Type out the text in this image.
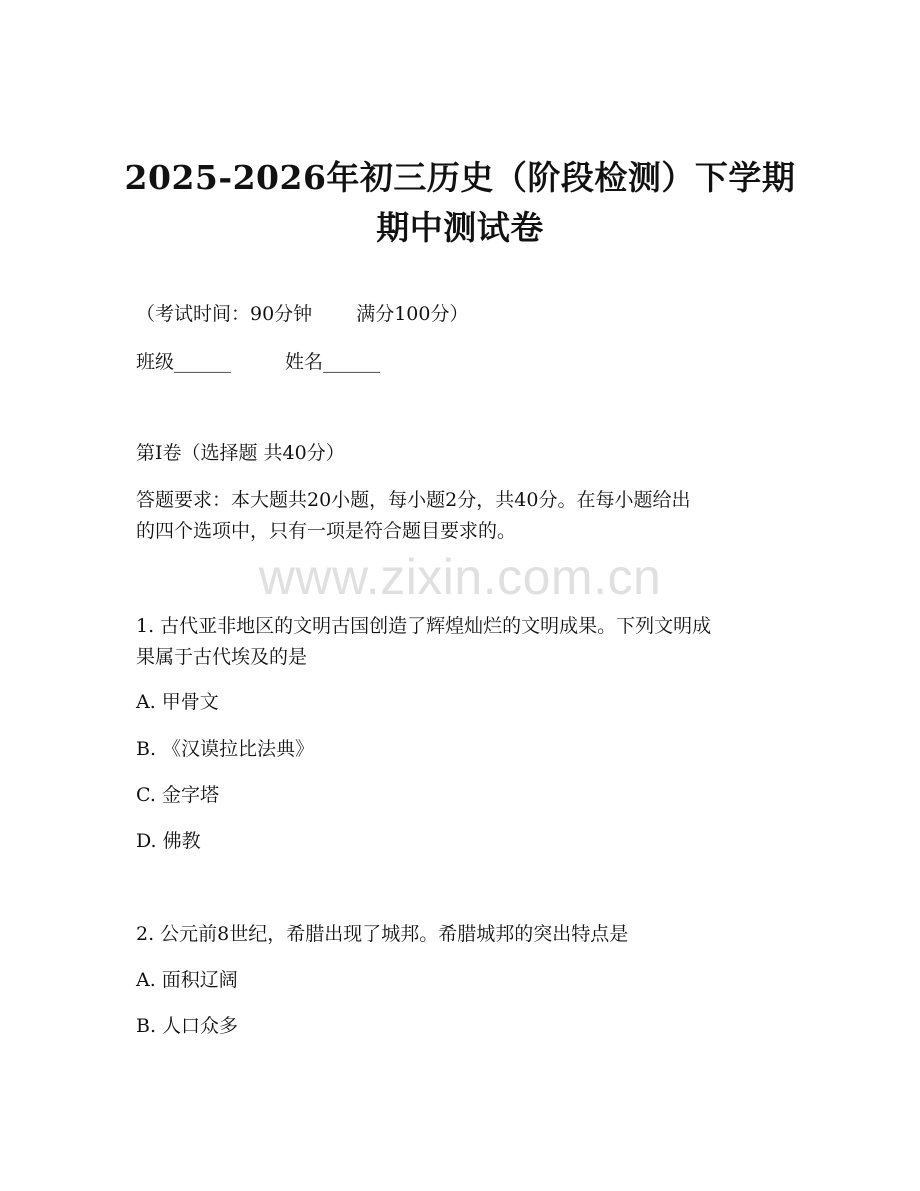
2025-2026年初三历史（阶段检测）下学期
期中测试卷
（考试时间：90分钟 满分100分）
班级______	姓名______
第Ⅰ卷（选择题 共40分）
答题要求：本大题共20小题，每小题2分，共40分。在每小题给出
的四个选项中，只有一项是符合题目要求的。
www.zixin.com.cn
1. 古代亚非地区的文明古国创造了辉煌灿烂的文明成果。下列文明成
果属于古代埃及的是
A. 甲骨文
B. 《汉谟拉比法典》
C. 金字塔
D. 佛教
2. 公元前8世纪，希腊出现了城邦。希腊城邦的突出特点是
A. 面积辽阔
B. 人口众多
